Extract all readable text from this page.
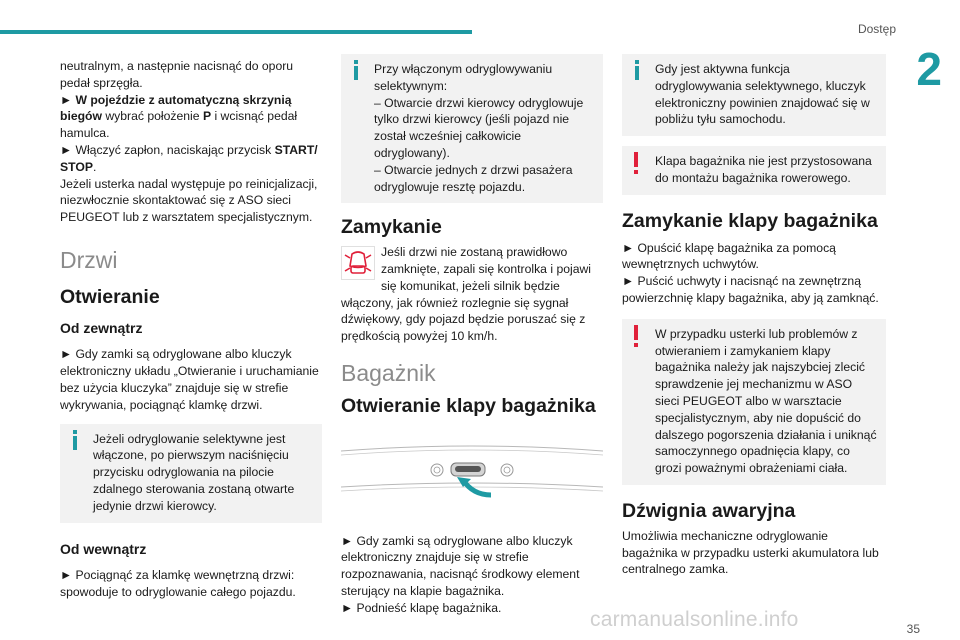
Dostęp
2

neutralnym, a następnie nacisnąć do oporu pedał sprzęgła.

► W pojeździe z automatyczną skrzynią biegów wybrać położenie P i wcisnąć pedał hamulca.

► Włączyć zapłon, naciskając przycisk START/ STOP.

Jeżeli usterka nadal występuje po reinicjalizacji, niezwłocznie skontaktować się z ASO sieci PEUGEOT lub z warsztatem specjalistycznym.

Drzwi
Otwieranie
Od zewnątrz

► Gdy zamki są odryglowane albo kluczyk elektroniczny układu „Otwieranie i uruchamianie bez użycia kluczyka” znajduje się w strefie wykrywania, pociągnąć klamkę drzwi.

Jeżeli odryglowanie selektywne jest włączone, po pierwszym naciśnięciu przycisku odryglowania na pilocie zdalnego sterowania zostaną otwarte jedynie drzwi kierowcy.

Od wewnątrz

► Pociągnąć za klamkę wewnętrzną drzwi: spowoduje to odryglowanie całego pojazdu.

Przy włączonym odryglowywaniu selektywnym:
– Otwarcie drzwi kierowcy odryglowuje tylko drzwi kierowcy (jeśli pojazd nie został wcześniej całkowicie odryglowany).
– Otwarcie jednych z drzwi pasażera odryglowuje resztę pojazdu.

Zamykanie

Jeśli drzwi nie zostaną prawidłowo zamknięte, zapali się kontrolka i pojawi się komunikat, jeżeli silnik będzie włączony, jak również rozlegnie się sygnał dźwiękowy, gdy pojazd będzie poruszać się z prędkością powyżej 10 km/h.

Bagażnik
Otwieranie klapy bagażnika

► Gdy zamki są odryglowane albo kluczyk elektroniczny znajduje się w strefie rozpoznawania, nacisnąć środkowy element sterujący na klapie bagażnika.

► Podnieść klapę bagażnika.

Gdy jest aktywna funkcja odryglowywania selektywnego, kluczyk elektroniczny powinien znajdować się w pobliżu tyłu samochodu.

Klapa bagażnika nie jest przystosowana do montażu bagażnika rowerowego.

Zamykanie klapy bagażnika

► Opuścić klapę bagażnika za pomocą wewnętrznych uchwytów.

► Puścić uchwyty i nacisnąć na zewnętrzną powierzchnię klapy bagażnika, aby ją zamknąć.

W przypadku usterki lub problemów z otwieraniem i zamykaniem klapy bagażnika należy jak najszybciej zlecić sprawdzenie jej mechanizmu w ASO sieci PEUGEOT albo w warsztacie specjalistycznym, aby nie dopuścić do dalszego pogorszenia działania i uniknąć samoczynnego opadnięcia klapy, co grozi poważnymi obrażeniami ciała.

Dźwignia awaryjna

Umożliwia mechaniczne odryglowanie bagażnika w przypadku usterki akumulatora lub centralnego zamka.

carmanualsonline.info	35
